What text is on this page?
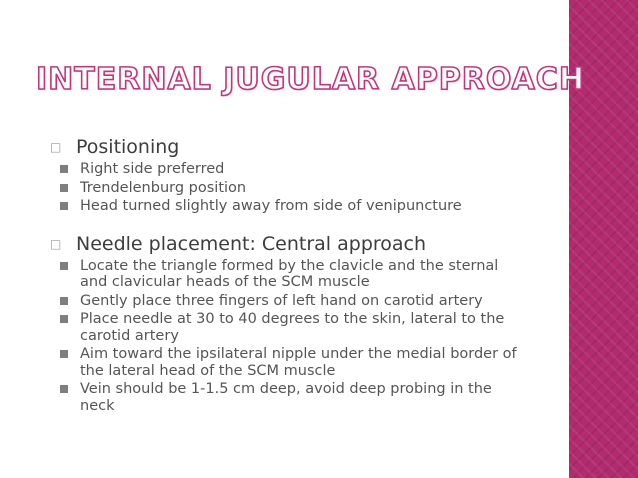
INTERNAL JUGULAR APPROACH
□ Positioning
Right side preferred
Trendelenburg position
Head turned slightly away from side of venipuncture
□ Needle placement: Central approach
Locate the triangle formed by the clavicle and the sternal
and clavicular heads of the SCM muscle
Gently place three fingers of left hand on carotid artery
Place needle at 30 to 40 degrees to the skin, lateral to the
carotid artery
Aim toward the ipsilateral nipple under the medial border of
the lateral head of the SCM muscle
Vein should be 1-1.5 cm deep, avoid deep probing in the
neck
